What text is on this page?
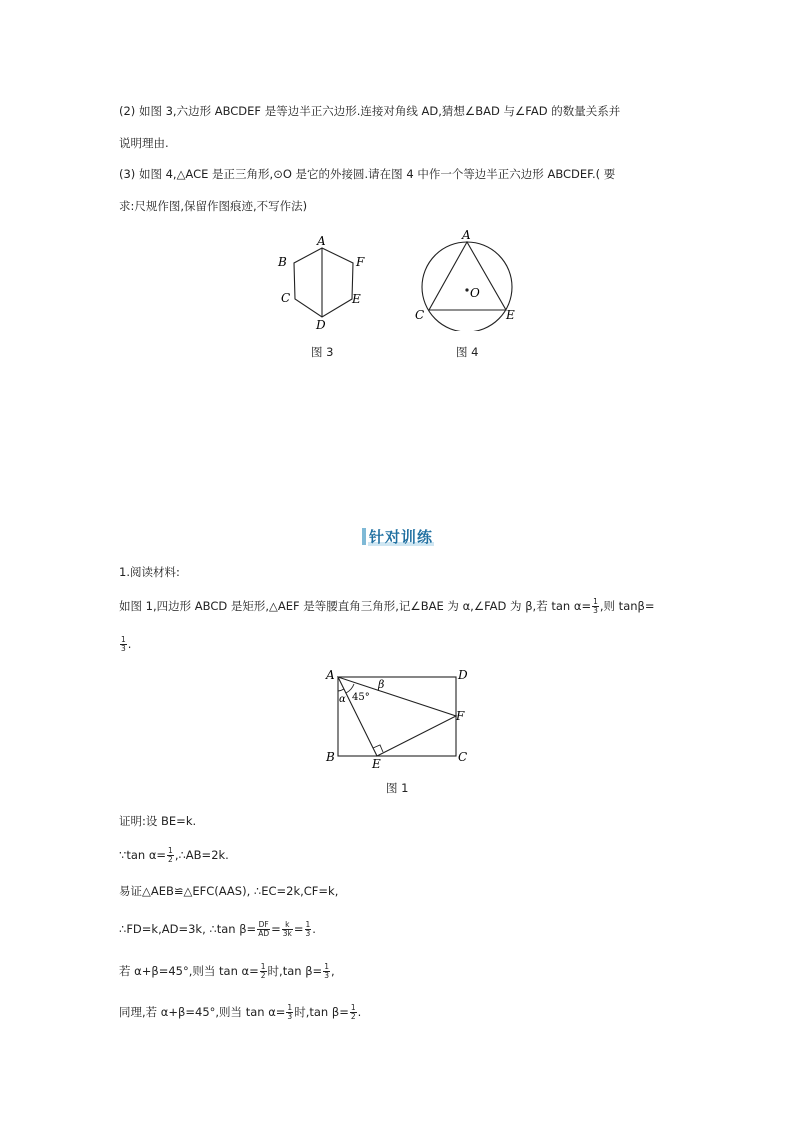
(2) 如图 3,六边形 ABCDEF 是等边半正六边形.连接对角线 AD,猜想∠BAD 与∠FAD 的数量关系并
说明理由.
(3) 如图 4,△ACE 是正三角形,⊙O 是它的外接圆.请在图 4 中作一个等边半正六边形 ABCDEF.( 要
求:尺规作图,保留作图痕迹,不写作法)
A
B
C
D
E
F
图 3
A
O
C	E
图 4
针对训练
1.阅读材料:
如图 1,四边形 ABCD 是矩形,△AEF 是等腰直角三角形,记∠BAE 为 α,∠FAD 为 β,若 $\tan \alpha= \frac{1}{3}$ ,则 tanβ=
$\frac{1}{3}$ .
A	D
B	C
E
F
α
β
45°
图 1
证明:设 BE=k.
∵tan $\alpha= \frac{1}{2}$ ,∴AB=2k.
易证△AEB≌△EFC(AAS), ∴EC=2k,CF=k,
∴FD=k,AD=3k, ∴tan $\beta= \frac{DF}{AD} = \frac{k}{3k} = \frac{1}{3}$ .
若 α+β=45°,则当 $\tan \alpha= \frac{1}{2}$ 时,tan $\beta= \frac{1}{3}$ ,
同理,若 α+β=45°,则当 $\tan \alpha= \frac{1}{3}$ 时,tan $\beta= \frac{1}{2}$ .
